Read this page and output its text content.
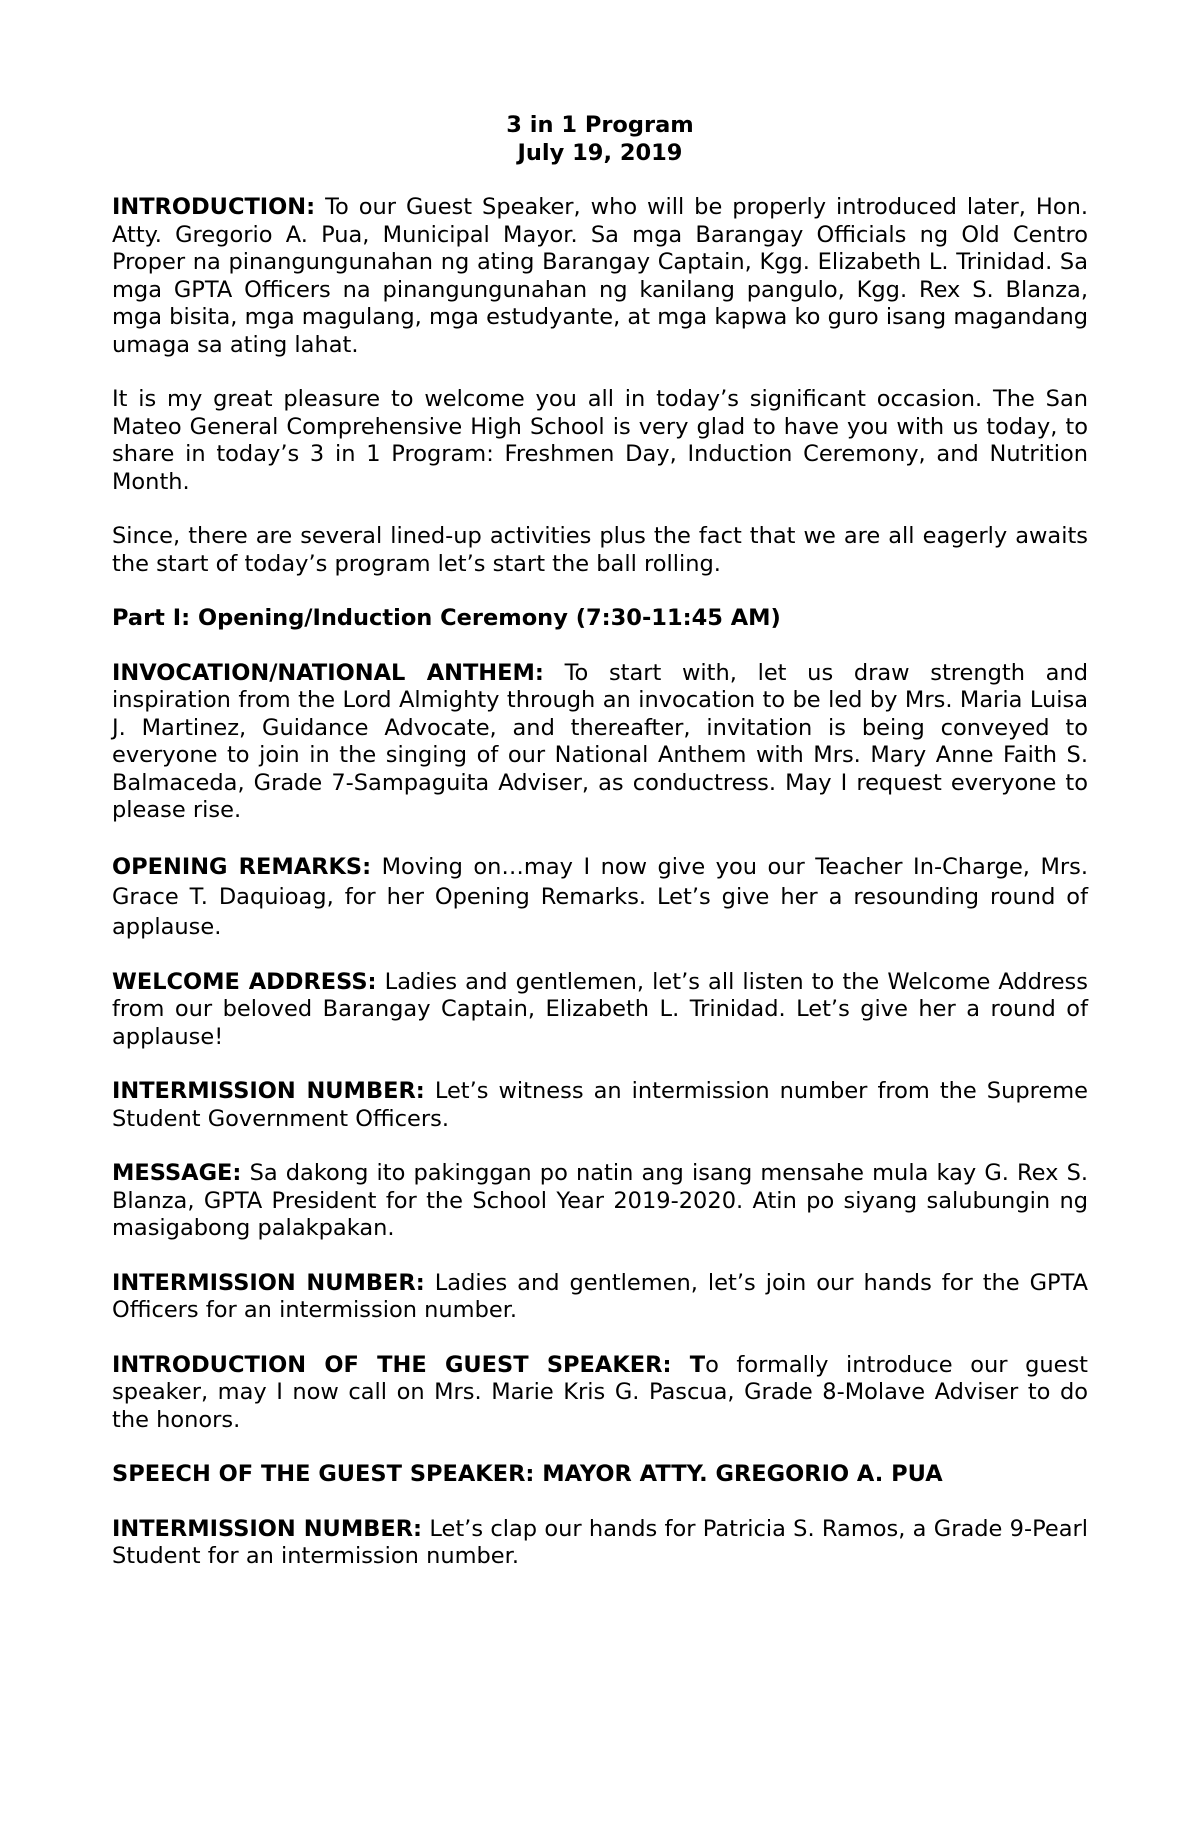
3 in 1 Program
July 19, 2019

INTRODUCTION: To our Guest Speaker, who will be properly introduced later, Hon. Atty. Gregorio A. Pua, Municipal Mayor. Sa mga Barangay Officials ng Old Centro Proper na pinangungunahan ng ating Barangay Captain, Kgg. Elizabeth L. Trinidad. Sa mga GPTA Officers na pinangungunahan ng kanilang pangulo, Kgg. Rex S. Blanza, mga bisita, mga magulang, mga estudyante, at mga kapwa ko guro isang magandang umaga sa ating lahat.

It is my great pleasure to welcome you all in today’s significant occasion. The San Mateo General Comprehensive High School is very glad to have you with us today, to share in today’s 3 in 1 Program: Freshmen Day, Induction Ceremony, and Nutrition Month.

Since, there are several lined-up activities plus the fact that we are all eagerly awaits the start of today’s program let’s start the ball rolling.

Part I: Opening/Induction Ceremony (7:30-11:45 AM)

INVOCATION/NATIONAL ANTHEM: To start with, let us draw strength and inspiration from the Lord Almighty through an invocation to be led by Mrs. Maria Luisa J. Martinez, Guidance Advocate, and thereafter, invitation is being conveyed to everyone to join in the singing of our National Anthem with Mrs. Mary Anne Faith S. Balmaceda, Grade 7-Sampaguita Adviser, as conductress. May I request everyone to please rise.

OPENING REMARKS: Moving on…may I now give you our Teacher In-Charge, Mrs. Grace T. Daquioag, for her Opening Remarks. Let’s give her a resounding round of applause.

WELCOME ADDRESS: Ladies and gentlemen, let’s all listen to the Welcome Address from our beloved Barangay Captain, Elizabeth L. Trinidad. Let’s give her a round of applause!

INTERMISSION NUMBER: Let’s witness an intermission number from the Supreme Student Government Officers.

MESSAGE: Sa dakong ito pakinggan po natin ang isang mensahe mula kay G. Rex S. Blanza, GPTA President for the School Year 2019-2020. Atin po siyang salubungin ng masigabong palakpakan.

INTERMISSION NUMBER: Ladies and gentlemen, let’s join our hands for the GPTA Officers for an intermission number.

INTRODUCTION OF THE GUEST SPEAKER: To formally introduce our guest speaker, may I now call on Mrs. Marie Kris G. Pascua, Grade 8-Molave Adviser to do the honors.

SPEECH OF THE GUEST SPEAKER: MAYOR ATTY. GREGORIO A. PUA

INTERMISSION NUMBER: Let’s clap our hands for Patricia S. Ramos, a Grade 9-Pearl Student for an intermission number.
